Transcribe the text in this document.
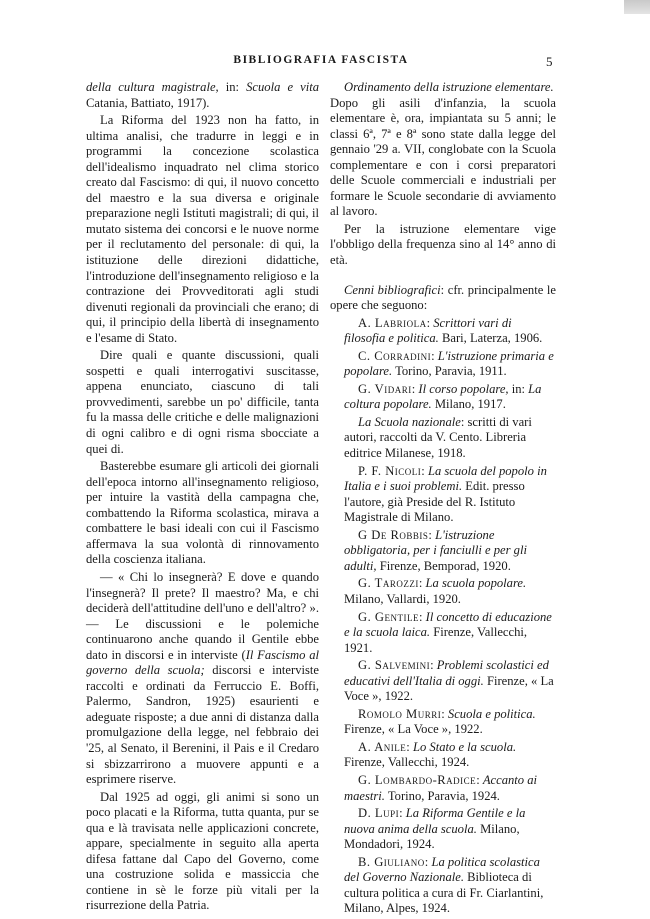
BIBLIOGRAFIA FASCISTA	5

della cultura magistrale, in: Scuola e vita Catania, Battiato, 1917).

La Riforma del 1923 non ha fatto, in ultima analisi, che tradurre in leggi e in programmi la concezione scolastica dell'idealismo inquadrato nel clima storico creato dal Fascismo: di qui, il nuovo concetto del maestro e la sua diversa e originale preparazione negli Istituti magistrali; di qui, il mutato sistema dei concorsi e le nuove norme per il reclutamento del personale: di qui, la istituzione delle direzioni didattiche, l'introduzione dell'insegnamento religioso e la contrazione dei Provveditorati agli studi divenuti regionali da provinciali che erano; di qui, il principio della libertà di insegnamento e l'esame di Stato.

Dire quali e quante discussioni, quali sospetti e quali interrogativi suscitasse, appena enunciato, ciascuno di tali provvedimenti, sarebbe un po' difficile, tanta fu la massa delle critiche e delle malignazioni di ogni calibro e di ogni risma sbocciate a quei di.

Basterebbe esumare gli articoli dei giornali dell'epoca intorno all'insegnamento religioso, per intuire la vastità della campagna che, combattendo la Riforma scolastica, mirava a combattere le basi ideali con cui il Fascismo affermava la sua volontà di rinnovamento della coscienza italiana.

— « Chi lo insegnerà? E dove e quando l'insegnerà? Il prete? Il maestro? Ma, e chi deciderà dell'attitudine dell'uno e dell'altro? ». — Le discussioni e le polemiche continuarono anche quando il Gentile ebbe dato in discorsi e in interviste (Il Fascismo al governo della scuola; discorsi e interviste raccolti e ordinati da Ferruccio E. Boffi, Palermo, Sandron, 1925) esaurienti e adeguate risposte; a due anni di distanza dalla promulgazione della legge, nel febbraio dei '25, al Senato, il Berenini, il Pais e il Credaro si sbizzarrirono a muovere appunti e a esprimere riserve.

Dal 1925 ad oggi, gli animi si sono un poco placati e la Riforma, tutta quanta, pur se qua e là travisata nelle applicazioni concrete, appare, specialmente in seguito alla aperta difesa fattane dal Capo del Governo, come una costruzione solida e massiccia che contiene in sè le forze più vitali per la risurrezione della Patria.

Ordinamento della istruzione elementare.

Dopo gli asili d'infanzia, la scuola elementare è, ora, impiantata su 5 anni; le classi 6ª, 7ª e 8ª sono state dalla legge del gennaio '29 a. VII, conglobate con la Scuola complementare e con i corsi preparatori delle Scuole commerciali e industriali per formare le Scuole secondarie di avviamento al lavoro.

Per la istruzione elementare vige l'obbligo della frequenza sino al 14° anno di età.

Cenni bibliografici: cfr. principalmente le opere che seguono:

A. Labriola: Scrittori vari di filosofia e politica. Bari, Laterza, 1906.

C. Corradini: L'istruzione primaria e popolare. Torino, Paravia, 1911.

G. Vidari: Il corso popolare, in: La coltura popolare. Milano, 1917.

La Scuola nazionale: scritti di vari autori, raccolti da V. Cento. Libreria editrice Milanese, 1918.

P. F. Nicoli: La scuola del popolo in Italia e i suoi problemi. Edit. presso l'autore, già Preside del R. Istituto Magistrale di Milano.

G De Robbis: L'istruzione obbligatoria, per i fanciulli e per gli adulti, Firenze, Bemporad, 1920.

G. Tarozzi: La scuola popolare. Milano, Vallardi, 1920.

G. Gentile: Il concetto di educazione e la scuola laica. Firenze, Vallecchi, 1921.

G. Salvemini: Problemi scolastici ed educativi dell'Italia di oggi. Firenze, « La Voce », 1922.

Romolo Murri: Scuola e politica. Firenze, « La Voce », 1922.

A. Anile: Lo Stato e la scuola. Firenze, Vallecchi, 1924.

G. Lombardo-Radice: Accanto ai maestri. Torino, Paravia, 1924.

D. Lupi: La Riforma Gentile e la nuova anima della scuola. Milano, Mondadori, 1924.

B. Giuliano: La politica scolastica del Governo Nazionale. Biblioteca di cultura politica a cura di Fr. Ciarlantini, Milano, Alpes, 1924.
